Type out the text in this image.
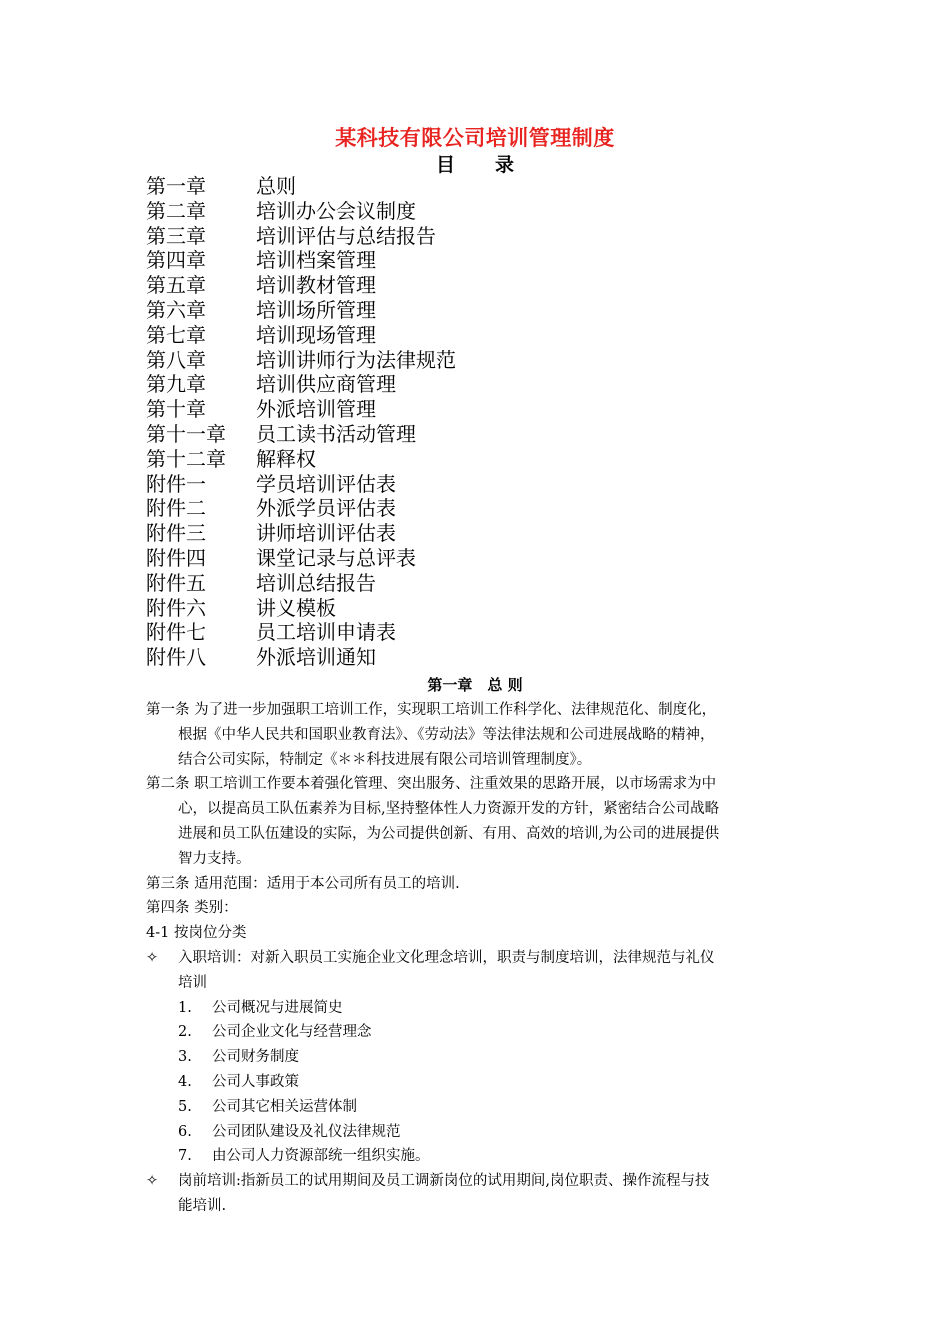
某科技有限公司培训管理制度
目 录
第一章	总则
第二章	培训办公会议制度
第三章	培训评估与总结报告
第四章	培训档案管理
第五章	培训教材管理
第六章	培训场所管理
第七章	培训现场管理
第八章	培训讲师行为法律规范
第九章	培训供应商管理
第十章	外派培训管理
第十一章 员工读书活动管理
第十二章 解释权
附件一	学员培训评估表
附件二	外派学员评估表
附件三	讲师培训评估表
附件四	课堂记录与总评表
附件五	培训总结报告
附件六	讲义模板
附件七	员工培训申请表
附件八	外派培训通知
第一章　总 则
第一条 为了进一步加强职工培训工作，实现职工培训工作科学化、法律规范化、制度化，
根据《中华人民共和国职业教育法》、《劳动法》等法律法规和公司进展战略的精神，
结合公司实际，特制定《＊＊科技进展有限公司培训管理制度》。
第二条 职工培训工作要本着强化管理、突出服务、注重效果的思路开展，以市场需求为中
心，以提高员工队伍素养为目标,坚持整体性人力资源开发的方针，紧密结合公司战略
进展和员工队伍建设的实际，为公司提供创新、有用、高效的培训,为公司的进展提供
智力支持。
第三条 适用范围：适用于本公司所有员工的培训.
第四条 类别：
4-1 按岗位分类
✧ 入职培训：对新入职员工实施企业文化理念培训，职责与制度培训，法律规范与礼仪
培训
1. 公司概况与进展简史
2. 公司企业文化与经营理念
3. 公司财务制度
4. 公司人事政策
5. 公司其它相关运营体制
6. 公司团队建设及礼仪法律规范
7. 由公司人力资源部统一组织实施。
✧ 岗前培训:指新员工的试用期间及员工调新岗位的试用期间,岗位职责、操作流程与技
能培训.
